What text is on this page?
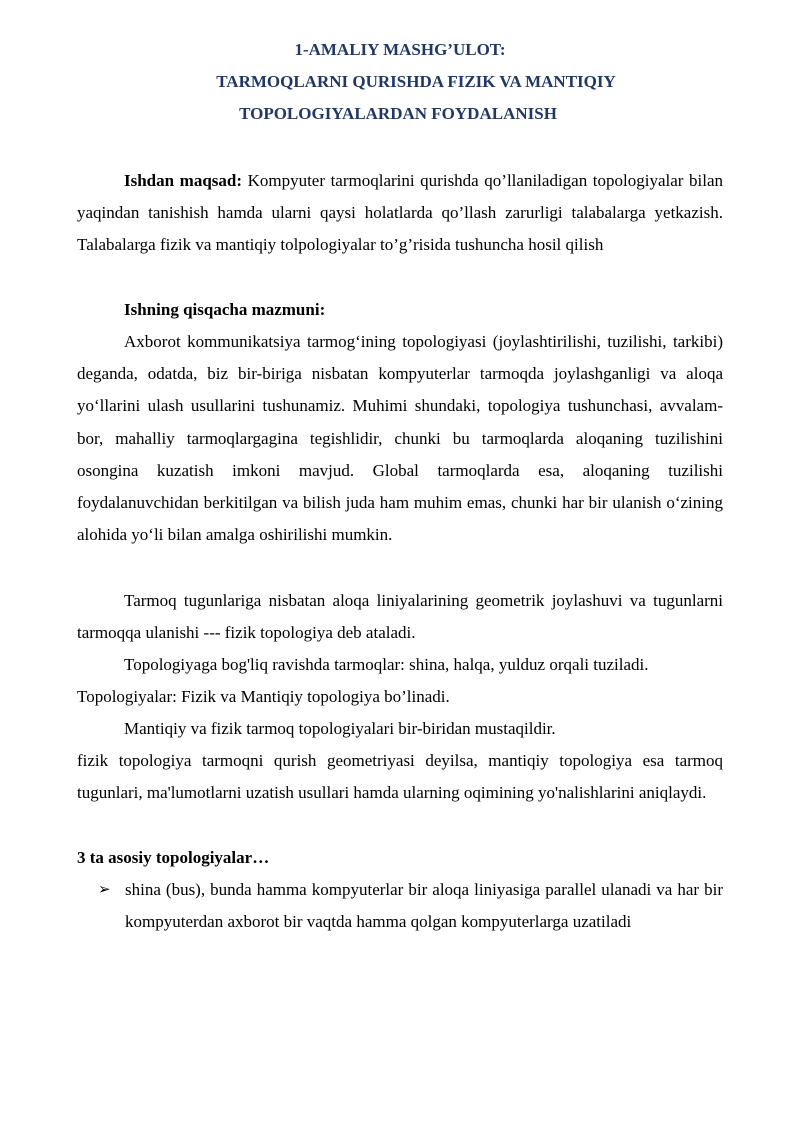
1-AMALIY MASHG’ULOT:
TARMOQLARNI QURISHDA FIZIK VA MANTIQIY
TOPOLOGIYALARDAN FOYDALANISH

Ishdan maqsad: Kompyuter tarmoqlarini qurishda qo’llaniladigan topologiyalar bilan yaqindan tanishish hamda ularni qaysi holatlarda qo’llash zarurligi talabalarga yetkazish. Talabalarga fizik va mantiqiy tolpologiyalar to’g’risida tushuncha hosil qilish

Ishning qisqacha mazmuni:

Axborot kommunikatsiya tarmog‘ining topologiyasi (joylashtirilishi, tuzilishi, tarkibi) deganda, odatda, biz bir-biriga nisbatan kompyuterlar tarmoqda joylashganligi va aloqa yo‘llarini ulash usullarini tushunamiz. Muhimi shundaki, topologiya tushunchasi, avvalam-bor, mahalliy tarmoqlargagina tegishlidir, chunki bu tarmoqlarda aloqaning tuzilishini osongina kuzatish imkoni mavjud. Global tarmoqlarda esa, aloqaning tuzilishi foydalanuvchidan berkitilgan va bilish juda ham muhim emas, chunki har bir ulanish o‘zining alohida yo‘li bilan amalga oshirilishi mumkin.

Tarmoq tugunlariga nisbatan aloqa liniyalarining geometrik joylashuvi va tugunlarni tarmoqqa ulanishi --- fizik topologiya deb ataladi.

Topologiyaga bog'liq ravishda tarmoqlar: shina, halqa, yulduz orqali tuziladi.

Topologiyalar: Fizik va Mantiqiy topologiya bo’linadi.

Mantiqiy va fizik tarmoq topologiyalari bir-biridan mustaqildir.

fizik topologiya tarmoqni qurish geometriyasi deyilsa, mantiqiy topologiya esa tarmoq tugunlari, ma'lumotlarni uzatish usullari hamda ularning oqimining yo'nalishlarini aniqlaydi.

3 ta asosiy topologiyalar…

➢ shina (bus), bunda hamma kompyuterlar bir aloqa liniyasiga parallel ulanadi va har bir kompyuterdan axborot bir vaqtda hamma qolgan kompyuterlarga uzatiladi
